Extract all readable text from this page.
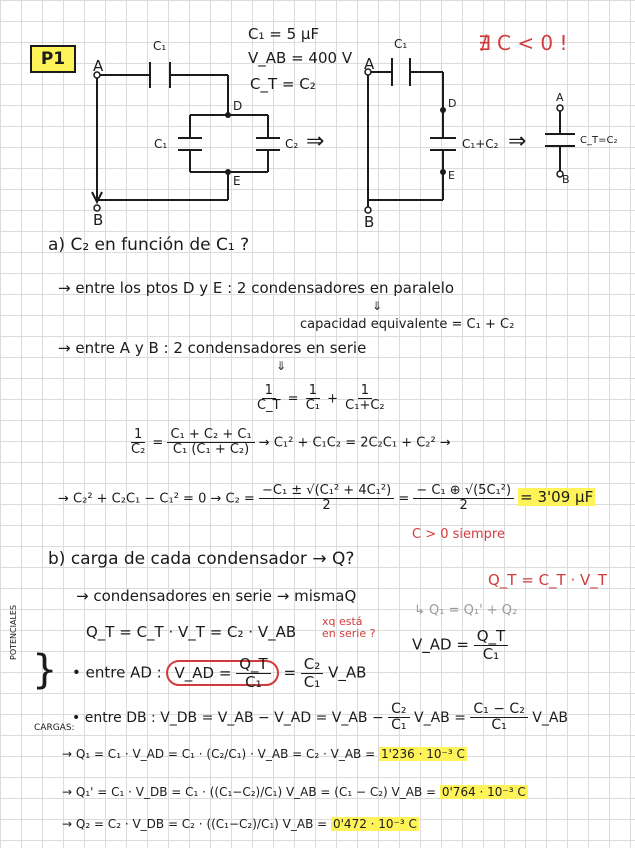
P1 A
B
D
E
C₁
C₁	C₂ ⇒
A
B
D
E
C₁
C₁+C₂ ⇒
A
B
C_T=C₂
C₁ = 5 μF
V_AB = 400 V
C_T = C₂
∄ C < 0 !
a) C₂ en función de C₁ ?
→ entre los ptos D y E : 2 condensadores en paralelo
⇓
capacidad equivalente = C₁ + C₂
→ entre A y B : 2 condensadores en serie
⇓
$\frac{1}{C\_T} = \frac{1}{\text{C₁}} + \frac{1}{\text{C₁+C₂}}$
$\frac{1}{\text{C₂}} = \frac{\text{C₁ + C₂ + C₁}}{\text{C₁ (C₁ + C₂)}} \to C_1^2 + C_1C_2 = 2C_2C_1 + C_2^2$ →
→ $C_2^2 + C_2C_1 - C_1^2 = 0 \to C_2 = \frac{\text{−C₁ ± √(C₁² + 4C₁²)}}{2} = \frac{\text{− C₁ ⊕ √(5C₁²)}}{2} = 3'09$ μF
C > 0 siempre
b) carga de cada condensador → Q?
Q_T = C_T · V_T
→ condensadores en serie → mismaQ
↳ Q₁ = Q₁' + Q₂
Q_T = C_T · V_T = C₂ · V_AB
xq está
en serie ?
V_AD = $\frac{Q\_T}{\text{C₁}}$
POTENCIALES
} • entre AD : V_AD = $\frac{Q\_T}{\text{C₁}} = \frac{\text{C₂}}{\text{C₁}}$ V_AB
• entre DB : V_DB = V_AB − V_AD = V_AB − $\frac{\text{C₂}}{\text{C₁}}$ V_AB = $\frac{\text{C₁ − C₂}}{\text{C₁}}$ V_AB
CARGAS:
→ Q₁ = C₁ · V_AD = C₁ · (C₂/C₁) · V_AB = C₂ · V_AB = 1'236 · 10⁻³ C
→ Q₁' = C₁ · V_DB = C₁ · ((C₁−C₂)/C₁) V_AB = (C₁ − C₂) V_AB = 0'764 · 10⁻³ C
→ Q₂ = C₂ · V_DB = C₂ · ((C₁−C₂)/C₁) V_AB = 0'472 · 10⁻³ C
